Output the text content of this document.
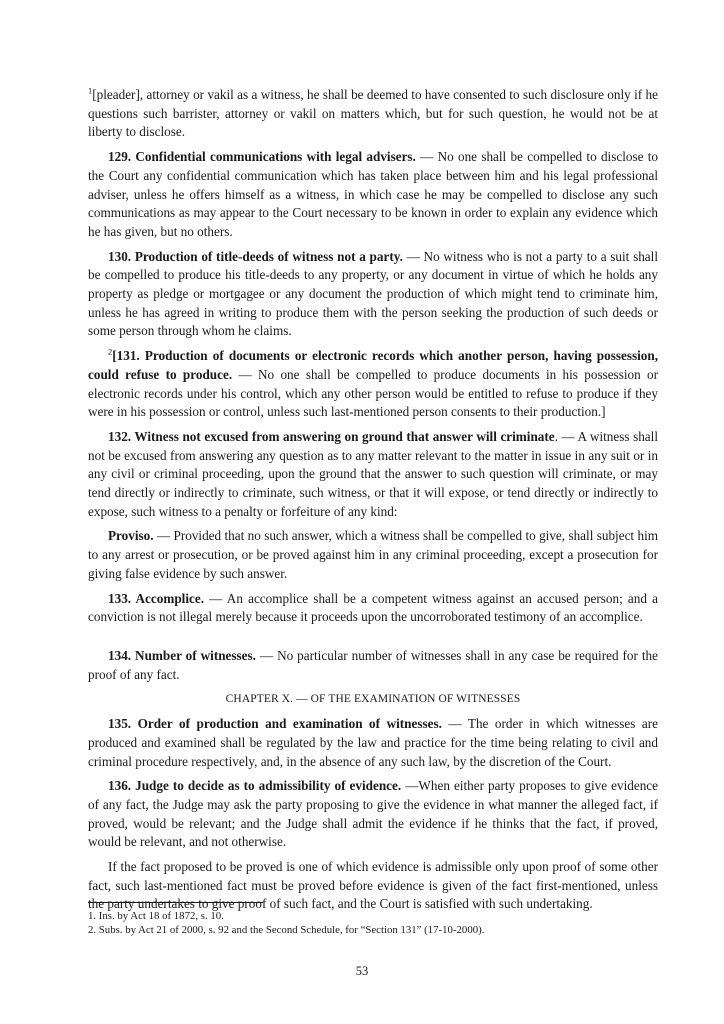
$^1$[pleader], attorney or vakil as a witness, he shall be deemed to have consented to such disclosure only if he questions such barrister, attorney or vakil on matters which, but for such question, he would not be at liberty to disclose.

129. Confidential communications with legal advisers. — No one shall be compelled to disclose to the Court any confidential communication which has taken place between him and his legal professional adviser, unless he offers himself as a witness, in which case he may be compelled to disclose any such communications as may appear to the Court necessary to be known in order to explain any evidence which he has given, but no others.

130. Production of title-deeds of witness not a party. — No witness who is not a party to a suit shall be compelled to produce his title-deeds to any property, or any document in virtue of which he holds any property as pledge or mortgagee or any document the production of which might tend to criminate him, unless he has agreed in writing to produce them with the person seeking the production of such deeds or some person through whom he claims.

$^2$[131. Production of documents or electronic records which another person, having possession, could refuse to produce. — No one shall be compelled to produce documents in his possession or electronic records under his control, which any other person would be entitled to refuse to produce if they were in his possession or control, unless such last-mentioned person consents to their production.]

132. Witness not excused from answering on ground that answer will criminate. — A witness shall not be excused from answering any question as to any matter relevant to the matter in issue in any suit or in any civil or criminal proceeding, upon the ground that the answer to such question will criminate, or may tend directly or indirectly to criminate, such witness, or that it will expose, or tend directly or indirectly to expose, such witness to a penalty or forfeiture of any kind:

Proviso. — Provided that no such answer, which a witness shall be compelled to give, shall subject him to any arrest or prosecution, or be proved against him in any criminal proceeding, except a prosecution for giving false evidence by such answer.

133. Accomplice. — An accomplice shall be a competent witness against an accused person; and a conviction is not illegal merely because it proceeds upon the uncorroborated testimony of an accomplice.

134. Number of witnesses. — No particular number of witnesses shall in any case be required for the proof of any fact.

CHAPTER X. — OF THE EXAMINATION OF WITNESSES

135. Order of production and examination of witnesses. — The order in which witnesses are produced and examined shall be regulated by the law and practice for the time being relating to civil and criminal procedure respectively, and, in the absence of any such law, by the discretion of the Court.

136. Judge to decide as to admissibility of evidence. —When either party proposes to give evidence of any fact, the Judge may ask the party proposing to give the evidence in what manner the alleged fact, if proved, would be relevant; and the Judge shall admit the evidence if he thinks that the fact, if proved, would be relevant, and not otherwise.

If the fact proposed to be proved is one of which evidence is admissible only upon proof of some other fact, such last-mentioned fact must be proved before evidence is given of the fact first-mentioned, unless the party undertakes to give proof of such fact, and the Court is satisfied with such undertaking.

1. Ins. by Act 18 of 1872, s. 10.
2. Subs. by Act 21 of 2000, s. 92 and the Second Schedule, for “Section 131” (17-10-2000).
53
